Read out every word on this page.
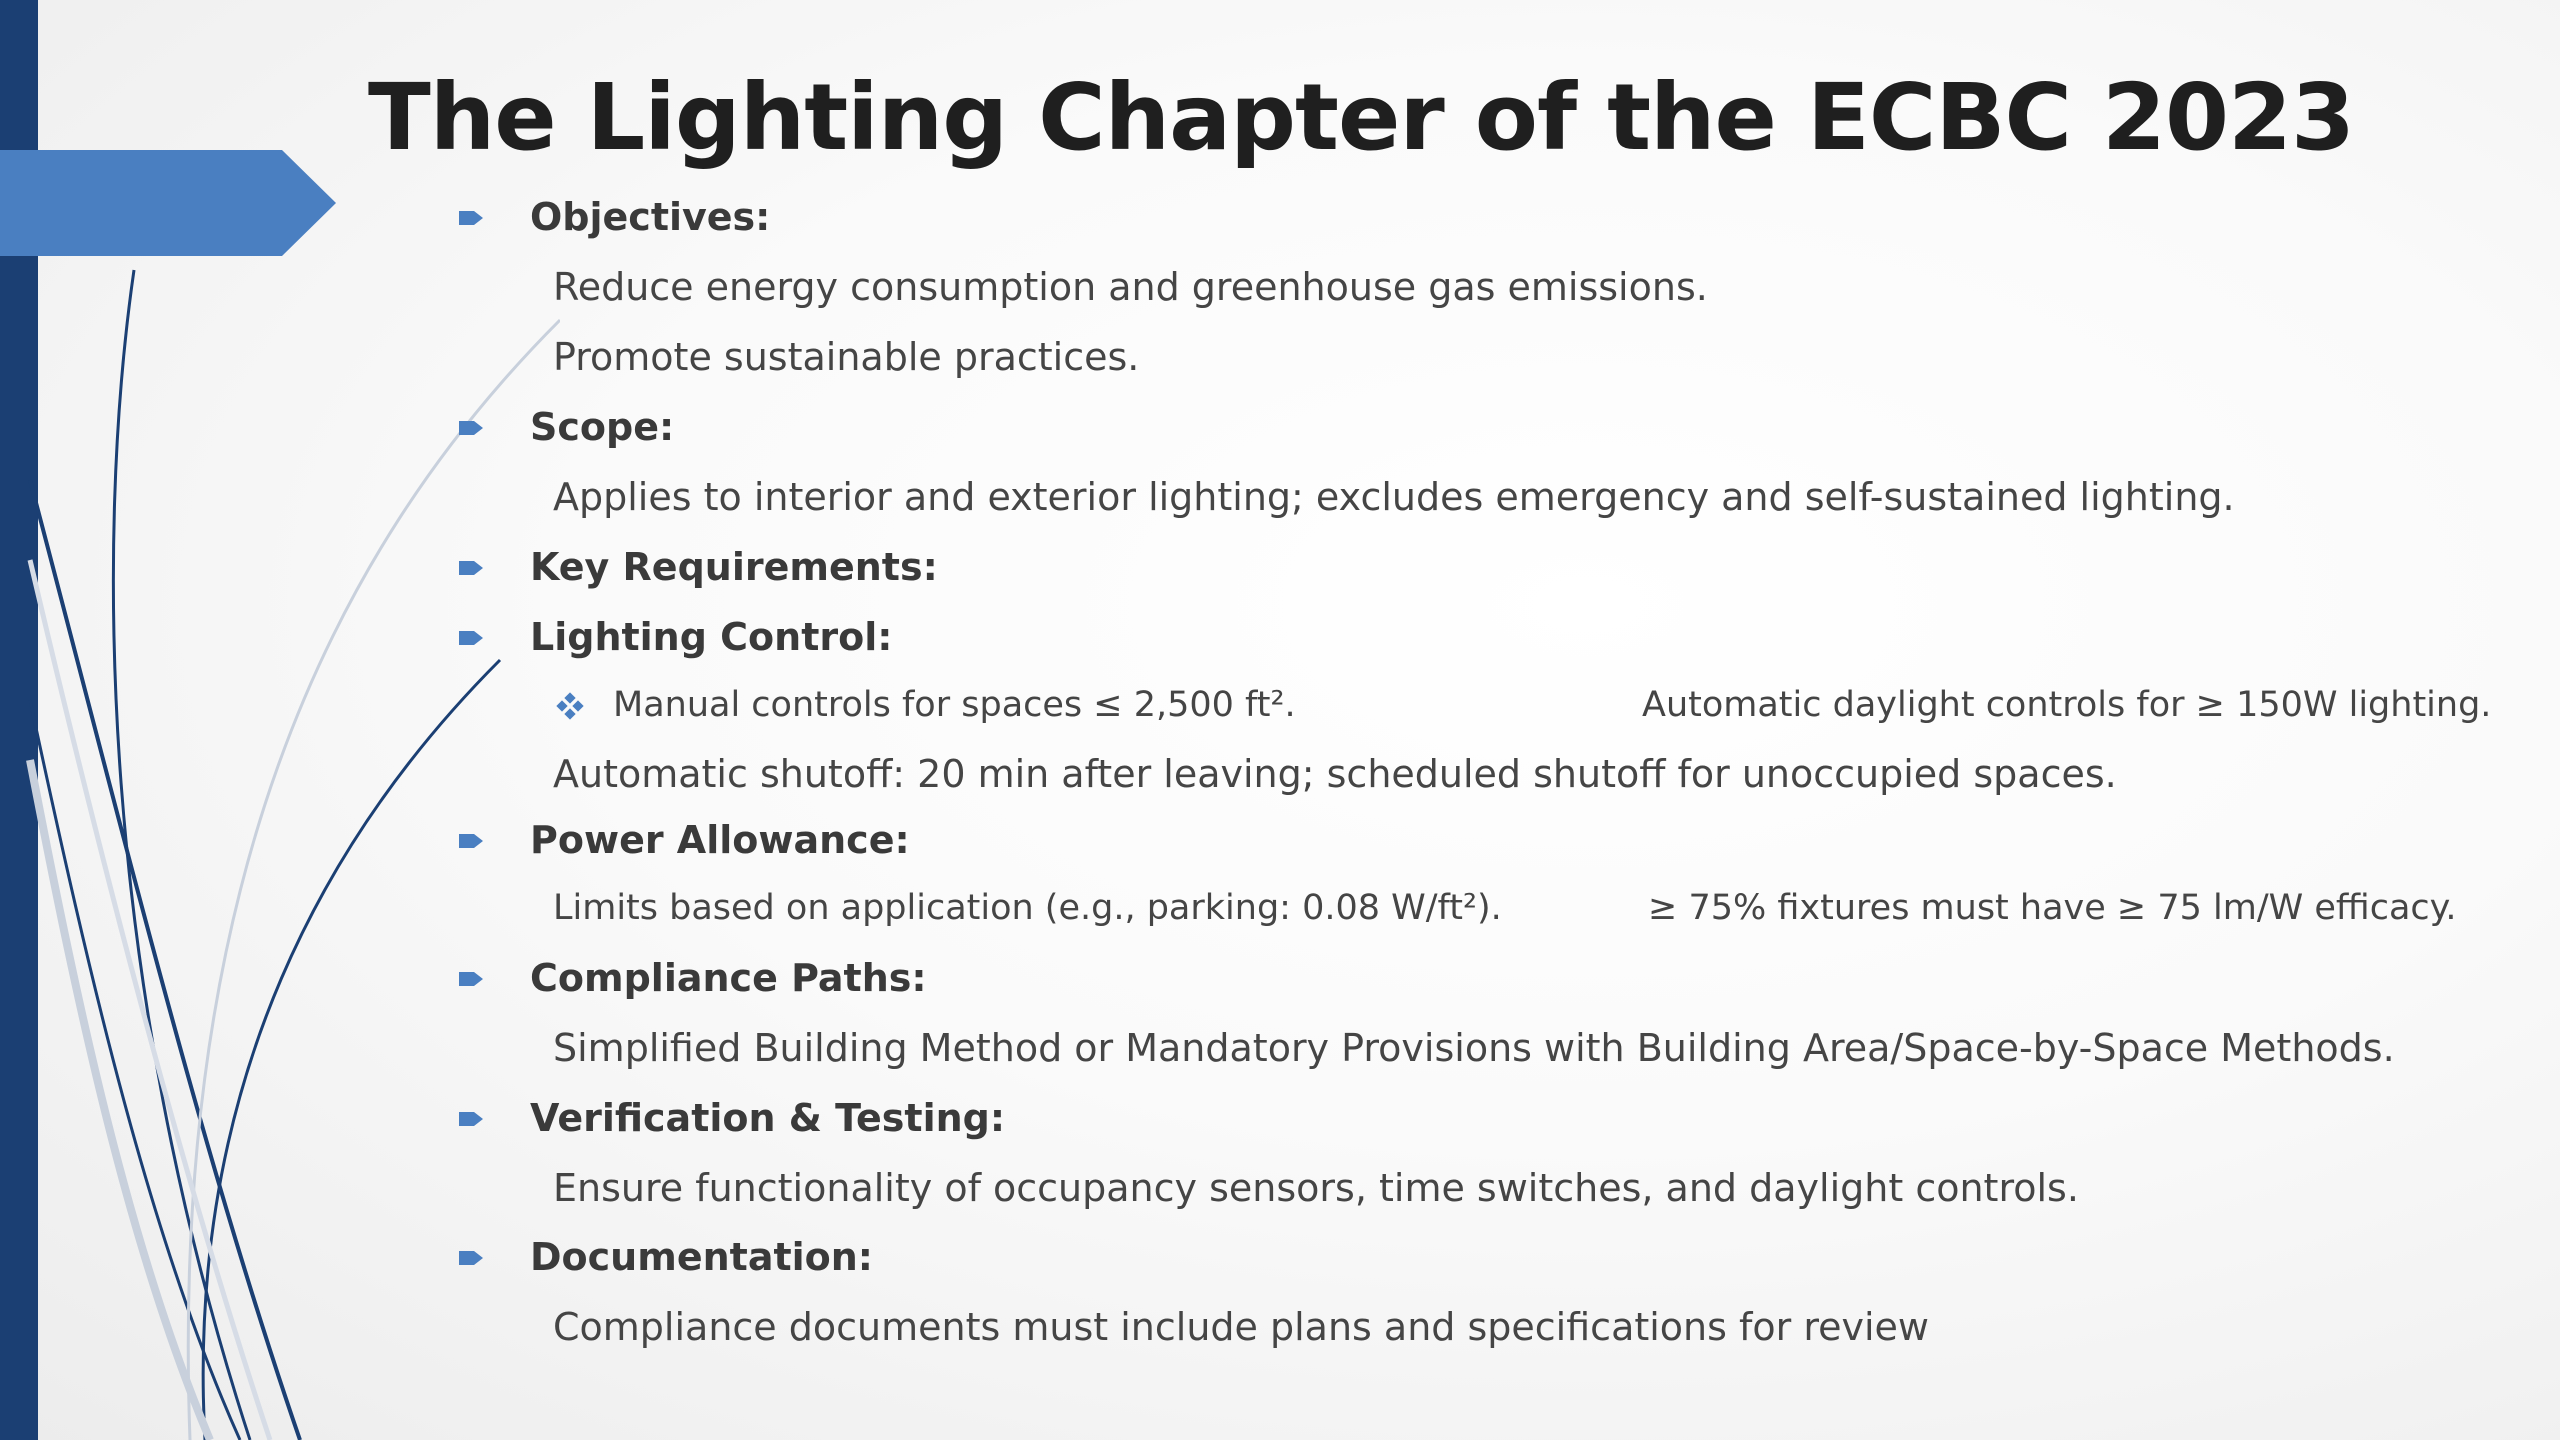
The Lighting Chapter of the ECBC 2023
Objectives:
Reduce energy consumption and greenhouse gas emissions.
Promote sustainable practices.
Scope:
Applies to interior and exterior lighting; excludes emergency and self-sustained lighting.
Key Requirements:
Lighting Control:
Manual controls for spaces ≤ 2,500 ft².	Automatic daylight controls for ≥ 150W lighting.
Automatic shutoff: 20 min after leaving; scheduled shutoff for unoccupied spaces.
Power Allowance:
Limits based on application (e.g., parking: 0.08 W/ft²).	≥ 75% fixtures must have ≥ 75 lm/W efficacy.
Compliance Paths:
Simplified Building Method or Mandatory Provisions with Building Area/Space-by-Space Methods.
Verification & Testing:
Ensure functionality of occupancy sensors, time switches, and daylight controls.
Documentation:
Compliance documents must include plans and specifications for review
